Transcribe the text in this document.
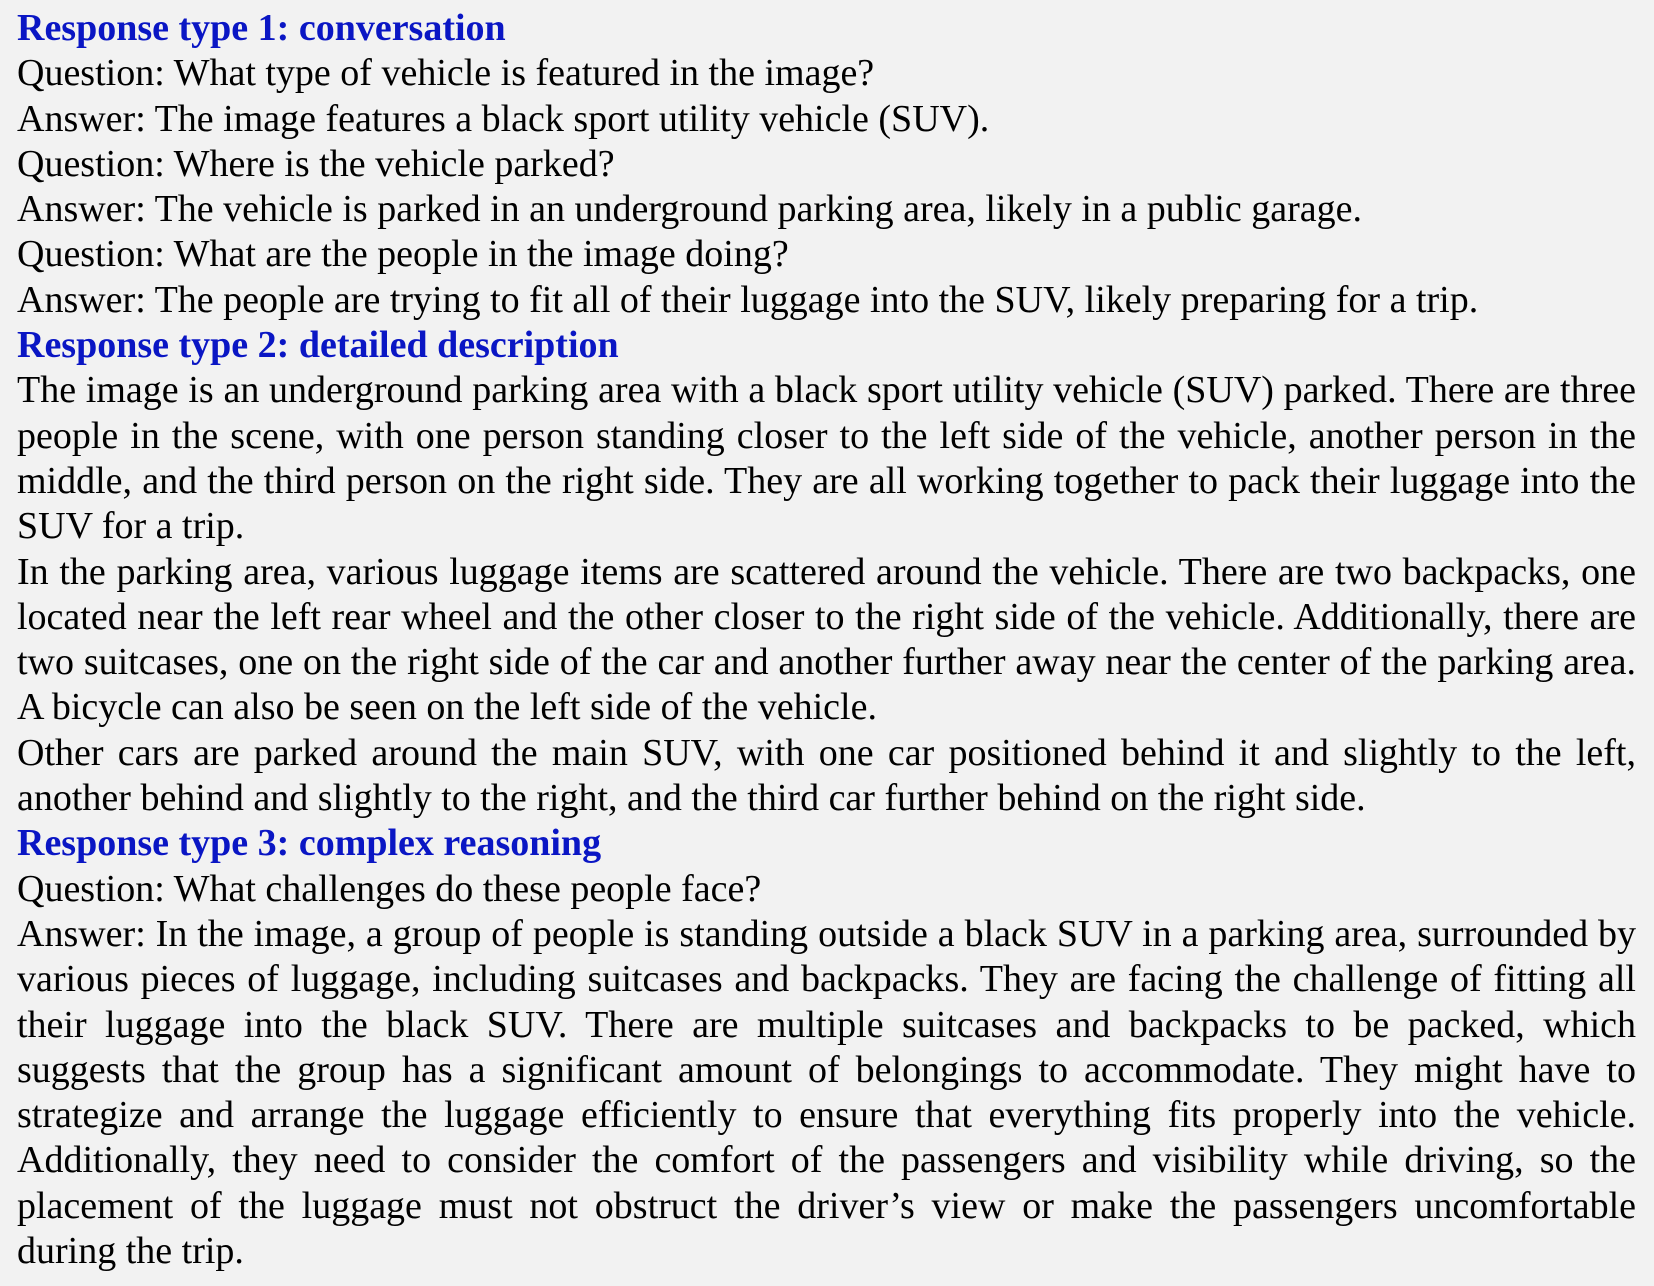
Response type 1: conversation
Question: What type of vehicle is featured in the image?
Answer: The image features a black sport utility vehicle (SUV).
Question: Where is the vehicle parked?
Answer: The vehicle is parked in an underground parking area, likely in a public garage.
Question: What are the people in the image doing?
Answer: The people are trying to fit all of their luggage into the SUV, likely preparing for a trip.
Response type 2: detailed description
The image is an underground parking area with a black sport utility vehicle (SUV) parked. There are three people in the scene, with one person standing closer to the left side of the vehicle, another person in the middle, and the third person on the right side. They are all working together to pack their luggage into the SUV for a trip.
In the parking area, various luggage items are scattered around the vehicle. There are two backpacks, one located near the left rear wheel and the other closer to the right side of the vehicle. Additionally, there are two suitcases, one on the right side of the car and another further away near the center of the parking area. A bicycle can also be seen on the left side of the vehicle.
Other cars are parked around the main SUV, with one car positioned behind it and slightly to the left, another behind and slightly to the right, and the third car further behind on the right side.
Response type 3: complex reasoning
Question: What challenges do these people face?
Answer: In the image, a group of people is standing outside a black SUV in a parking area, surrounded by various pieces of luggage, including suitcases and backpacks. They are facing the challenge of fitting all their luggage into the black SUV. There are multiple suitcases and backpacks to be packed, which suggests that the group has a significant amount of belongings to accommodate. They might have to strategize and arrange the luggage efficiently to ensure that everything fits properly into the vehicle. Additionally, they need to consider the comfort of the passengers and visibility while driving, so the placement of the luggage must not obstruct the driver’s view or make the passengers uncomfortable during the trip.
